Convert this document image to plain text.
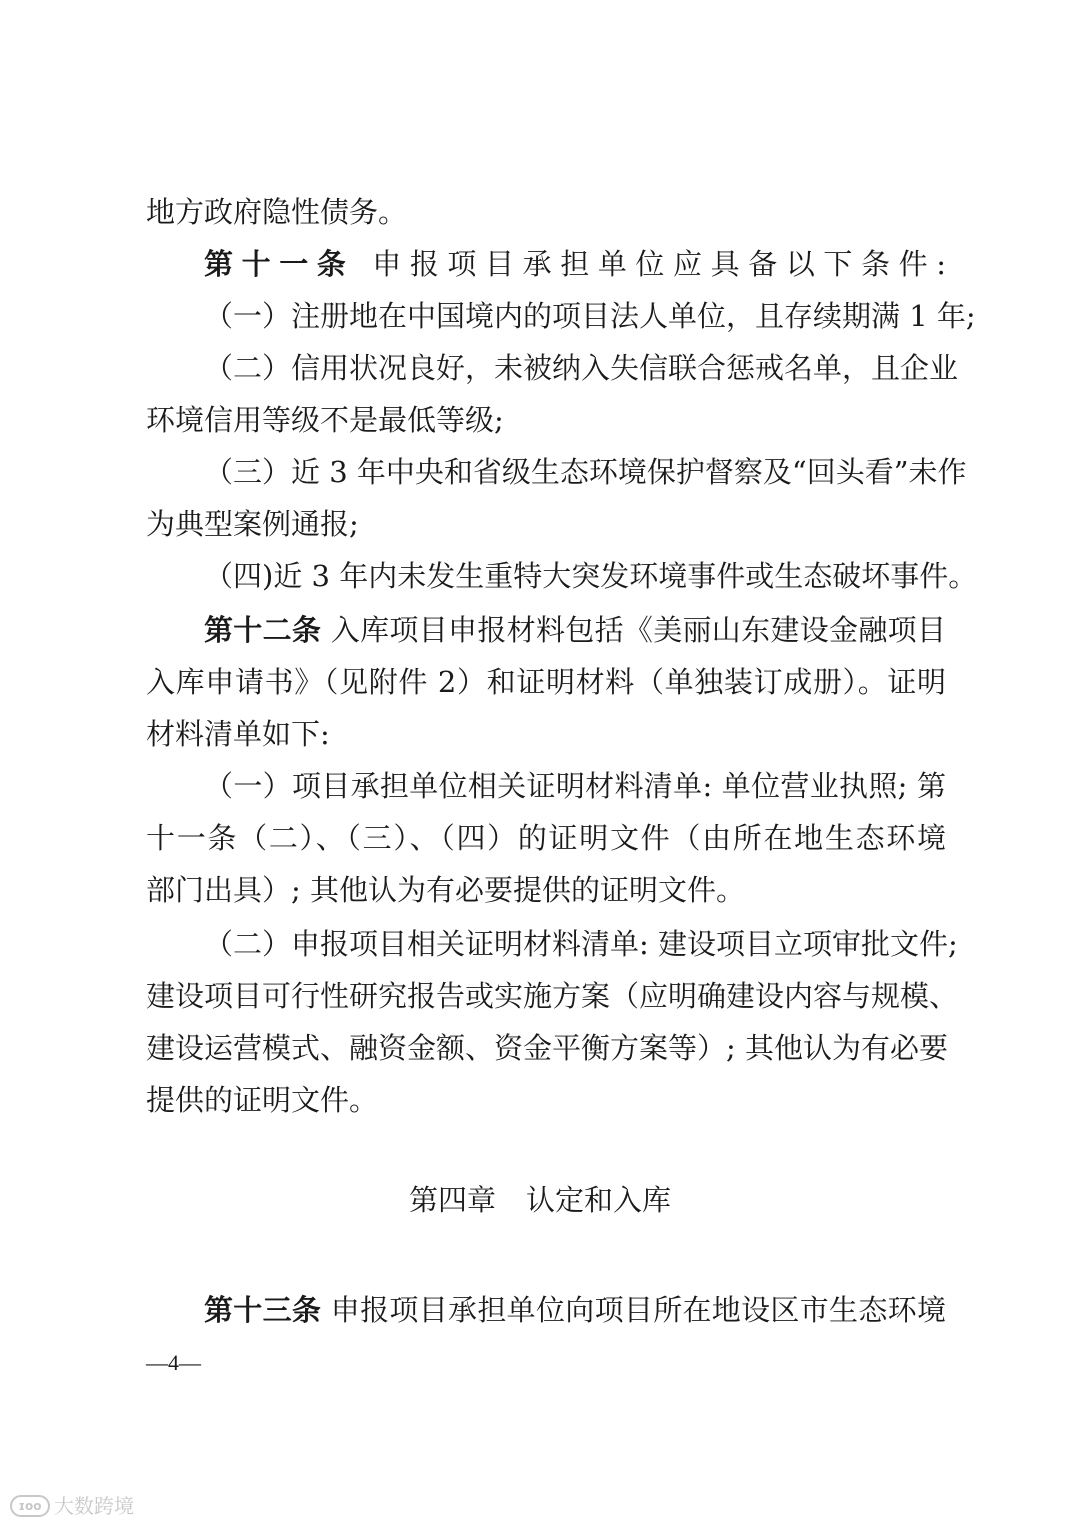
地方政府隐性债务。

第十一条 申报项目承担单位应具备以下条件:

（一）注册地在中国境内的项目法人单位，且存续期满 1 年;

（二）信用状况良好，未被纳入失信联合惩戒名单，且企业

环境信用等级不是最低等级;

（三）近 3 年中央和省级生态环境保护督察及“回头看”未作

为典型案例通报;

（四)近 3 年内未发生重特大突发环境事件或生态破坏事件。

第十二条 入库项目申报材料包括《美丽山东建设金融项目

入库申请书》（见附件 2）和证明材料（单独装订成册）。证明

材料清单如下:

（一）项目承担单位相关证明材料清单: 单位营业执照; 第

十一条（二）、（三）、（四）的证明文件（由所在地生态环境

部门出具）; 其他认为有必要提供的证明文件。

（二）申报项目相关证明材料清单: 建设项目立项审批文件;

建设项目可行性研究报告或实施方案（应明确建设内容与规模、

建设运营模式、融资金额、资金平衡方案等）; 其他认为有必要

提供的证明文件。

第四章 认定和入库

第十三条 申报项目承担单位向项目所在地设区市生态环境

—4—
ɪᴏᴏ 大数跨境
